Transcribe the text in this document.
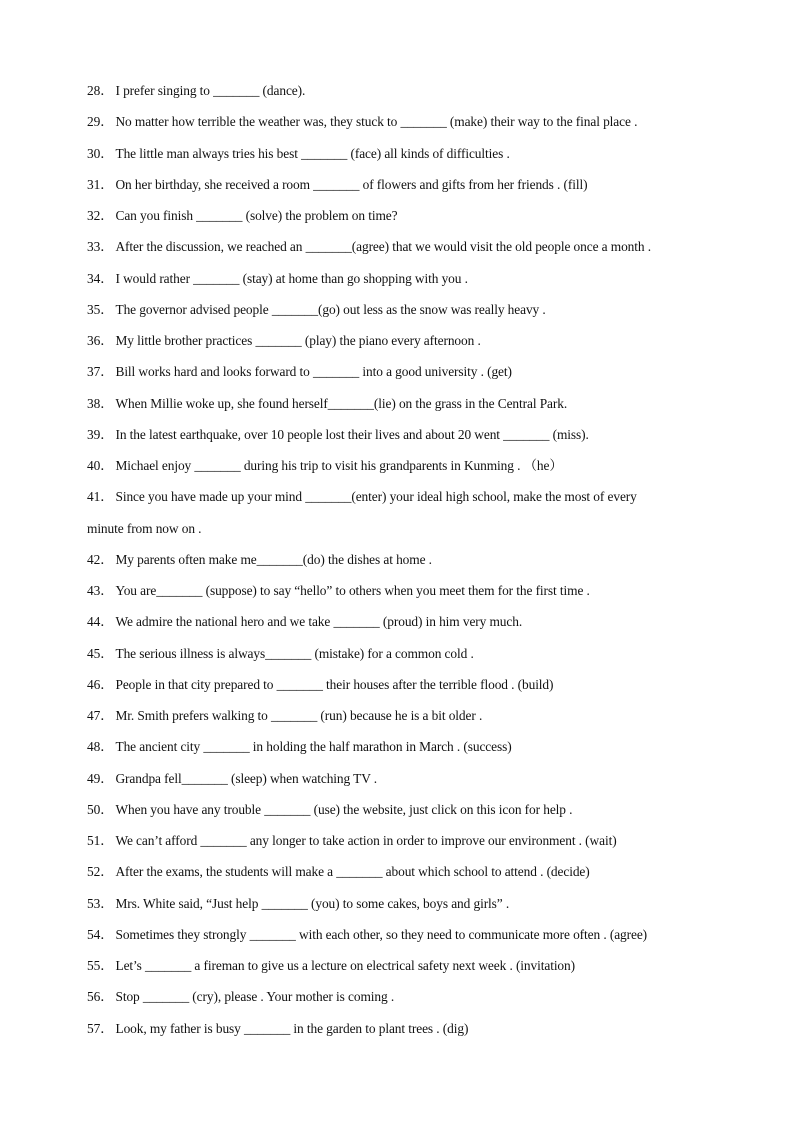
28． I prefer singing to _______ (dance).
29． No matter how terrible the weather was, they stuck to _______ (make) their way to the final place .
30． The little man always tries his best _______ (face) all kinds of difficulties .
31． On her birthday, she received a room _______ of flowers and gifts from her friends . (fill)
32． Can you finish _______ (solve) the problem on time?
33． After the discussion, we reached an _______(agree) that we would visit the old people once a month .
34． I would rather _______ (stay) at home than go shopping with you .
35． The governor advised people _______(go) out less as the snow was really heavy .
36． My little brother practices _______ (play) the piano every afternoon .
37． Bill works hard and looks forward to _______ into a good university . (get)
38． When Millie woke up, she found herself_______(lie) on the grass in the Central Park.
39． In the latest earthquake, over 10 people lost their lives and about 20 went _______ (miss).
40． Michael enjoy _______ during his trip to visit his grandparents in Kunming . （he）
41． Since you have made up your mind _______(enter) your ideal high school, make the most of every
minute from now on .
42． My parents often make me_______(do) the dishes at home .
43． You are_______ (suppose) to say “hello” to others when you meet them for the first time .
44． We admire the national hero and we take _______ (proud) in him very much.
45． The serious illness is always_______ (mistake) for a common cold .
46． People in that city prepared to _______ their houses after the terrible flood . (build)
47． Mr. Smith prefers walking to _______ (run) because he is a bit older .
48． The ancient city _______ in holding the half marathon in March . (success)
49． Grandpa fell_______ (sleep) when watching TV .
50． When you have any trouble _______ (use) the website, just click on this icon for help .
51． We can’t afford _______ any longer to take action in order to improve our environment . (wait)
52． After the exams, the students will make a _______ about which school to attend . (decide)
53． Mrs. White said, “Just help _______ (you) to some cakes, boys and girls” .
54． Sometimes they strongly _______ with each other, so they need to communicate more often . (agree)
55． Let’s _______ a fireman to give us a lecture on electrical safety next week . (invitation)
56． Stop _______ (cry), please . Your mother is coming .
57． Look, my father is busy _______ in the garden to plant trees . (dig)
